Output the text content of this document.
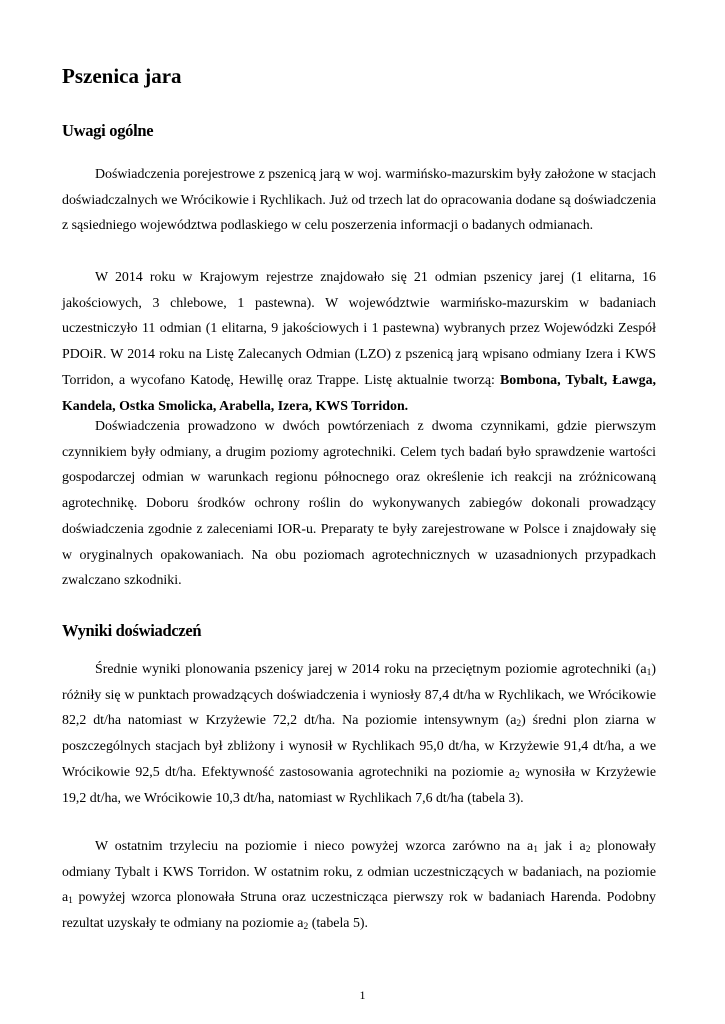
Pszenica jara
Uwagi ogólne

Doświadczenia porejestrowe z pszenicą jarą w woj. warmińsko-mazurskim były założone w stacjach doświadczalnych we Wrócikowie i Rychlikach. Już od trzech lat do opracowania dodane są doświadczenia z sąsiedniego województwa podlaskiego w celu poszerzenia informacji o badanych odmianach.

W 2014 roku w Krajowym rejestrze znajdowało się 21 odmian pszenicy jarej (1 elitarna, 16 jakościowych, 3 chlebowe, 1 pastewna). W województwie warmińsko-mazurskim w badaniach uczestniczyło 11 odmian (1 elitarna, 9 jakościowych i 1 pastewna) wybranych przez Wojewódzki Zespół PDOiR. W 2014 roku na Listę Zalecanych Odmian (LZO) z pszenicą jarą wpisano odmiany Izera i KWS Torridon, a wycofano Katodę, Hewillę oraz Trappe. Listę aktualnie tworzą: Bombona, Tybalt, Ławga, Kandela, Ostka Smolicka, Arabella, Izera, KWS Torridon.

Doświadczenia prowadzono w dwóch powtórzeniach z dwoma czynnikami, gdzie pierwszym czynnikiem były odmiany, a drugim poziomy agrotechniki. Celem tych badań było sprawdzenie wartości gospodarczej odmian w warunkach regionu północnego oraz określenie ich reakcji na zróżnicowaną agrotechnikę. Doboru środków ochrony roślin do wykonywanych zabiegów dokonali prowadzący doświadczenia zgodnie z zaleceniami IOR-u. Preparaty te były zarejestrowane w Polsce i znajdowały się w oryginalnych opakowaniach. Na obu poziomach agrotechnicznych w uzasadnionych przypadkach zwalczano szkodniki.

Wyniki doświadczeń

Średnie wyniki plonowania pszenicy jarej w 2014 roku na przeciętnym poziomie agrotechniki $(a_1)$ różniły się w punktach prowadzących doświadczenia i wyniosły 87,4 dt/ha w Rychlikach, we Wrócikowie 82,2 dt/ha natomiast w Krzyżewie 72,2 dt/ha. Na poziomie intensywnym $(a_2)$ średni plon ziarna w poszczególnych stacjach był zbliżony i wynosił w Rychlikach 95,0 dt/ha, w Krzyżewie 91,4 dt/ha, a we Wrócikowie 92,5 dt/ha. Efektywność zastosowania agrotechniki na poziomie $a_2$ wynosiła w Krzyżewie 19,2 dt/ha, we Wrócikowie 10,3 dt/ha, natomiast w Rychlikach 7,6 dt/ha (tabela 3).

W ostatnim trzyleciu na poziomie i nieco powyżej wzorca zarówno na $a_1$ jak i $a_2$ plonowały odmiany Tybalt i KWS Torridon. W ostatnim roku, z odmian uczestniczących w badaniach, na poziomie $a_1$ powyżej wzorca plonowała Struna oraz uczestnicząca pierwszy rok w badaniach Harenda. Podobny rezultat uzyskały te odmiany na poziomie $a_2$ (tabela 5).

1
